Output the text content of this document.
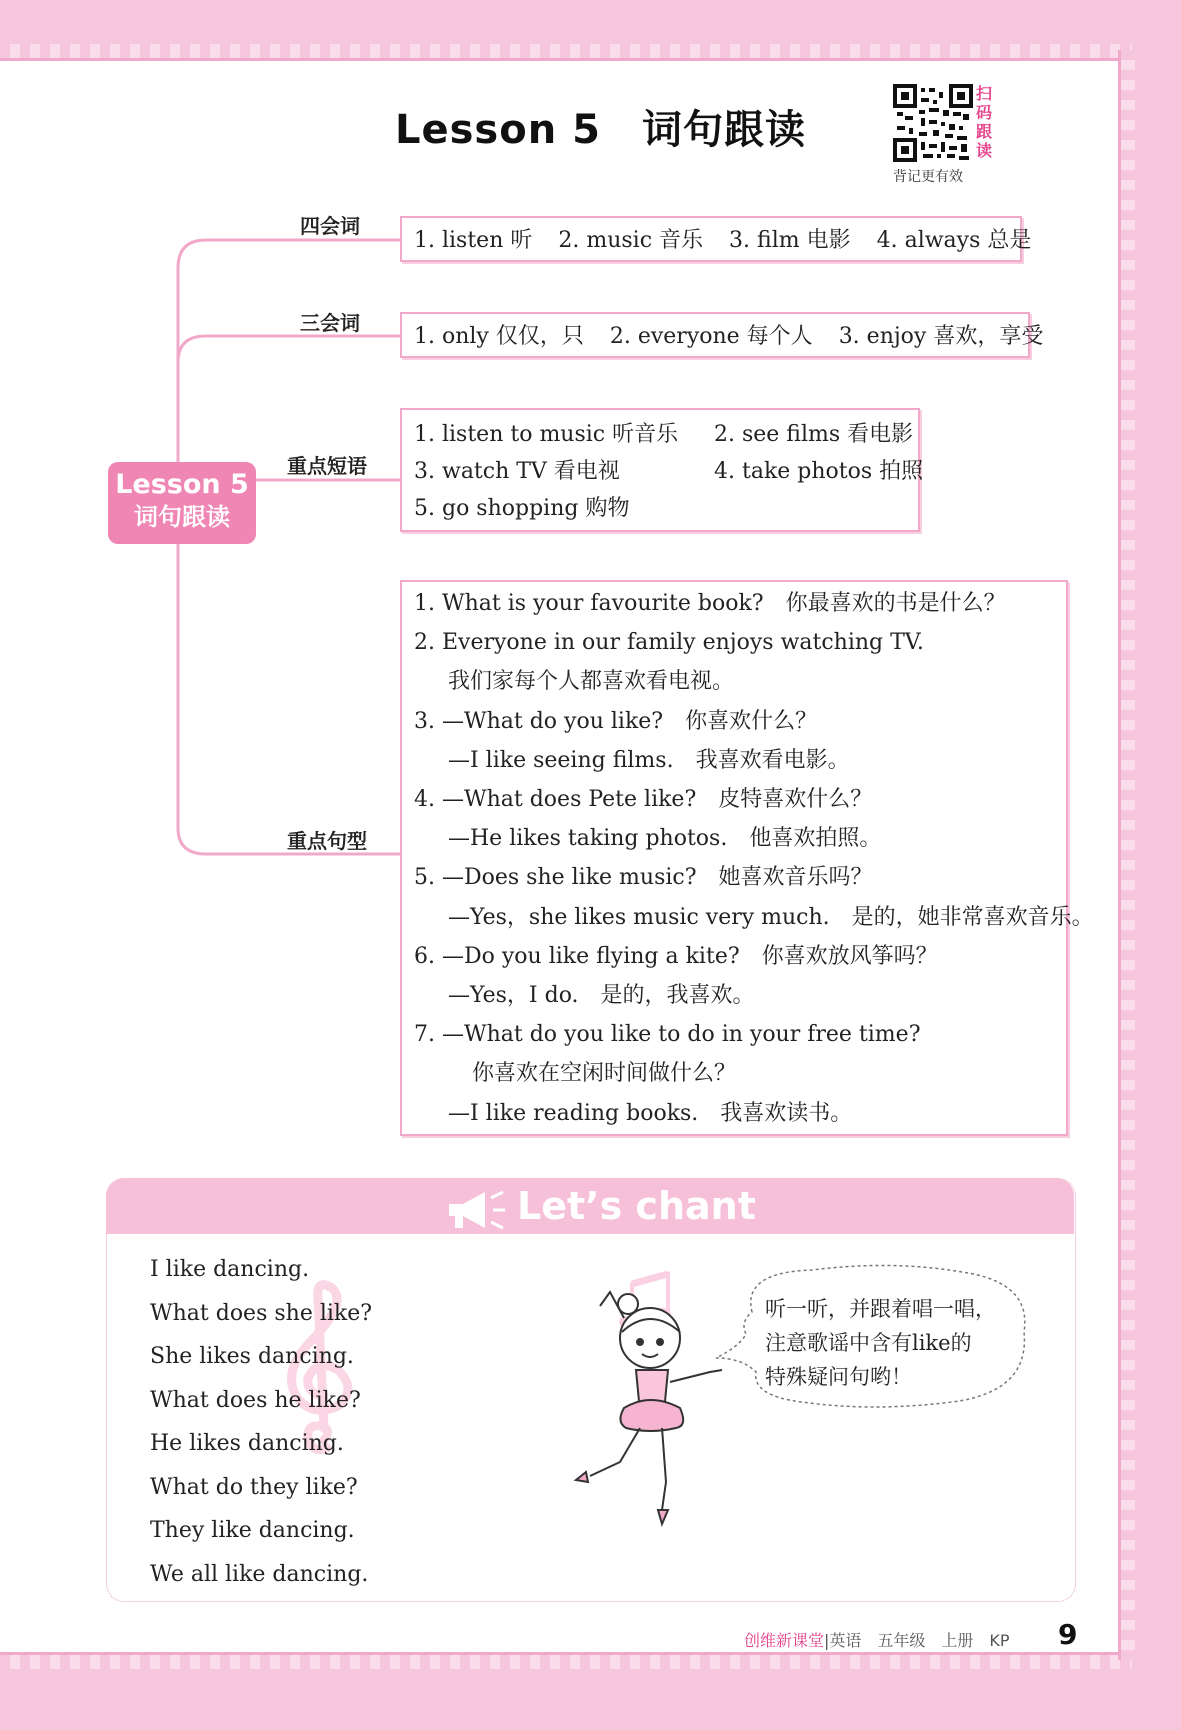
Lesson 5　词句跟读
扫
码
跟
读
背记更有效
Lesson 5
词句跟读
四会词
三会词
重点短语
重点句型
1. listen 听 2. music 音乐 3. film 电影 4. always 总是
1. only 仅仅，只 2. everyone 每个人 3. enjoy 喜欢，享受
1. listen to music 听音乐	2. see films 看电影
3. watch TV 看电视	4. take photos 拍照
5. go shopping 购物
1. What is your favourite book?　你最喜欢的书是什么？
2. Everyone in our family enjoys watching TV.
我们家每个人都喜欢看电视。
3. —What do you like?　你喜欢什么？
—I like seeing films.　我喜欢看电影。
4. —What does Pete like?　皮特喜欢什么？
—He likes taking photos.　他喜欢拍照。
5. —Does she like music?　她喜欢音乐吗？
—Yes，she likes music very much.　是的，她非常喜欢音乐。
6. —Do you like flying a kite?　你喜欢放风筝吗？
—Yes，I do.　是的，我喜欢。
7. —What do you like to do in your free time?
你喜欢在空闲时间做什么？
—I like reading books.　我喜欢读书。
Let’s chant
I like dancing.
What does she like?
She likes dancing.
What does he like?
He likes dancing.
What do they like?
They like dancing.
We all like dancing.
听一听，并跟着唱一唱，
注意歌谣中含有like的
特殊疑问句哟！
创维新课堂|英语　五年级　上册　KP 9
